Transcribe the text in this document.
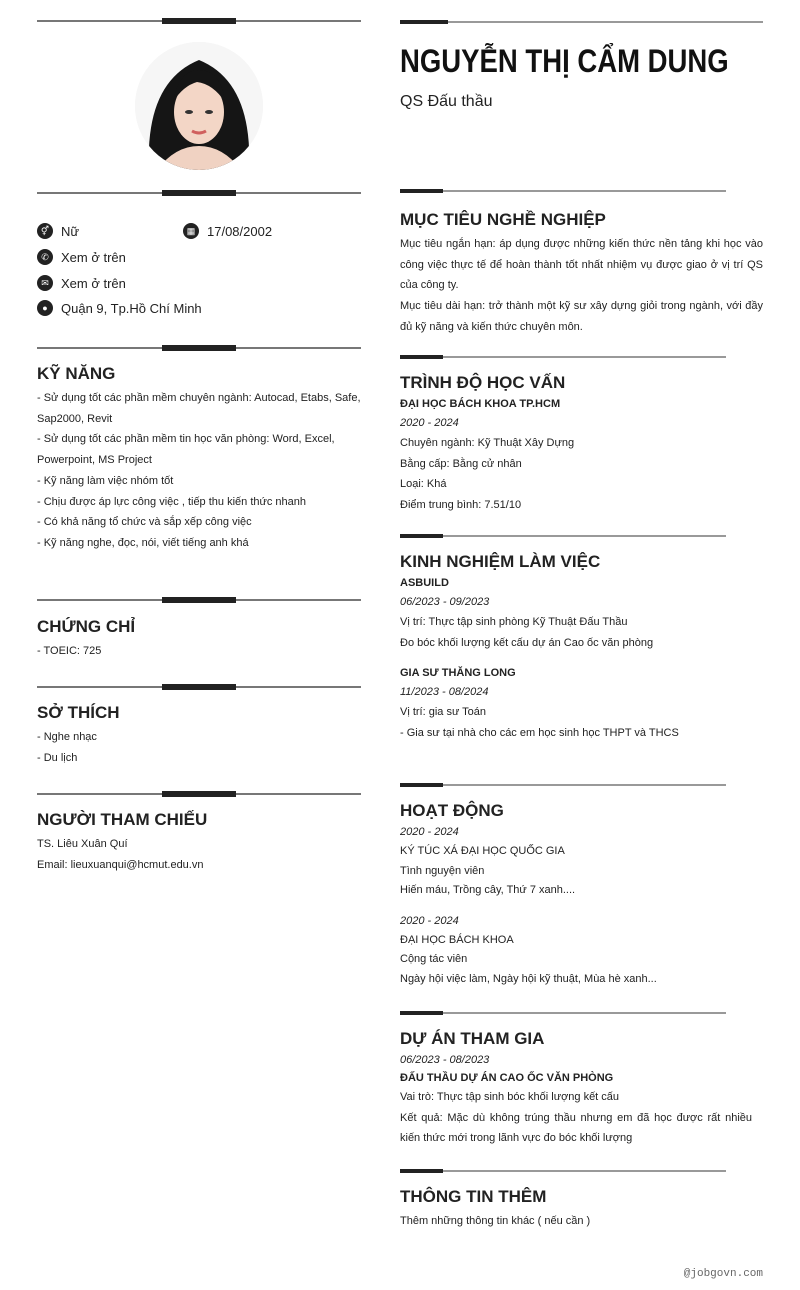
⚥ Nữ	▦ 17/08/2002
✆ Xem ở trên
✉ Xem ở trên
●	Quận 9, Tp.Hồ Chí Minh
KỸ NĂNG
- Sử dụng tốt các phần mềm chuyên ngành: Autocad, Etabs, Safe, Sap2000, Revit
- Sử dụng tốt các phần mềm tin học văn phòng: Word, Excel, Powerpoint, MS Project
- Kỹ năng làm việc nhóm tốt
- Chịu được áp lực công việc , tiếp thu kiến thức nhanh
- Có khả năng tổ chức và sắp xếp công việc
- Kỹ năng nghe, đọc, nói, viết tiếng anh khá
CHỨNG CHỈ
- TOEIC: 725
SỞ THÍCH
- Nghe nhạc
- Du lịch
NGƯỜI THAM CHIẾU
TS. Liêu Xuân Quí
Email: lieuxuanqui@hcmut.edu.vn
NGUYỄN THỊ CẨM DUNG
QS Đấu thầu
MỤC TIÊU NGHỀ NGHIỆP
Mục tiêu ngắn hạn: áp dụng được những kiến thức nền tảng khi học vào công việc thực tế để hoàn thành tốt nhất nhiệm vụ được giao ở vị trí QS của công ty.
Mục tiêu dài hạn: trở thành một kỹ sư xây dựng giỏi trong ngành, với đầy đủ kỹ năng và kiến thức chuyên môn.
TRÌNH ĐỘ HỌC VẤN
ĐẠI HỌC BÁCH KHOA TP.HCM
2020 - 2024
Chuyên ngành: Kỹ Thuật Xây Dựng
Bằng cấp: Bằng cử nhân
Loại: Khá
Điểm trung bình: 7.51/10
KINH NGHIỆM LÀM VIỆC
ASBUILD
06/2023 - 09/2023
Vị trí: Thực tập sinh phòng Kỹ Thuật Đấu Thầu
Đo bóc khối lượng kết cấu dự án Cao ốc văn phòng
GIA SƯ THĂNG LONG
11/2023 - 08/2024
Vị trí: gia sư Toán
- Gia sư tại nhà cho các em học sinh học THPT và THCS
HOẠT ĐỘNG
2020 - 2024
KÝ TÚC XÁ ĐẠI HỌC QUỐC GIA
Tình nguyện viên
Hiến máu, Trồng cây, Thứ 7 xanh....
2020 - 2024
ĐẠI HỌC BÁCH KHOA
Cộng tác viên
Ngày hội việc làm, Ngày hội kỹ thuật, Mùa hè xanh...
DỰ ÁN THAM GIA
06/2023 - 08/2023
ĐẤU THẦU DỰ ÁN CAO ỐC VĂN PHÒNG
Vai trò: Thực tập sinh bóc khối lượng kết cấu
Kết quả: Mặc dù không trúng thầu nhưng em đã học được rất nhiều kiến thức mới trong lãnh vực đo bóc khối lượng
THÔNG TIN THÊM
Thêm những thông tin khác ( nếu cần )
@jobgovn.com
